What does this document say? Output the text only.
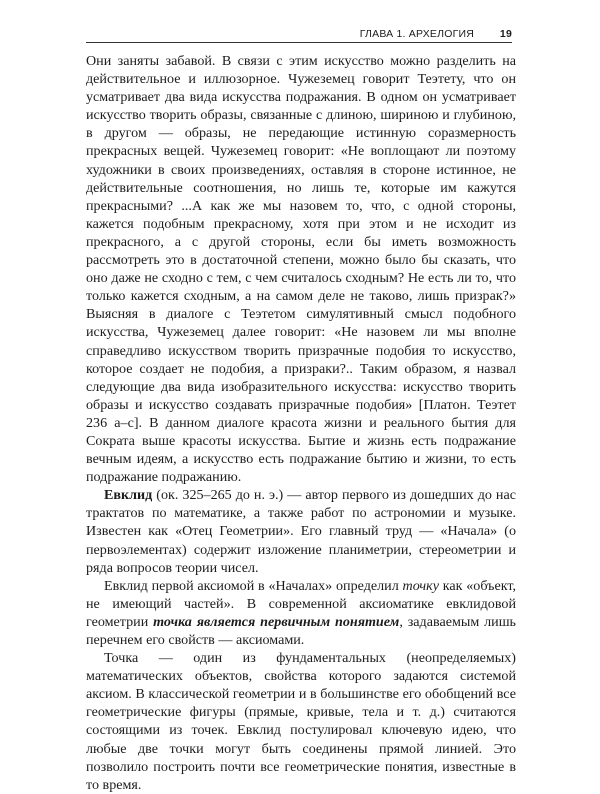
ГЛАВА 1. АРХЕЛОГИЯ 19

Они заняты забавой. В связи с этим искусство можно разделить на действительное и иллюзорное. Чужеземец говорит Теэтету, что он усматривает два вида искусства подражания. В одном он усматривает искусство творить образы, связанные с длиною, шириною и глубиною, в другом — образы, не передающие истинную соразмерность прекрасных вещей. Чужеземец говорит: «Не воплощают ли поэтому художники в своих произведениях, оставляя в стороне истинное, не действительные соотношения, но лишь те, которые им кажутся прекрасными? ...А как же мы назовем то, что, с одной стороны, кажется подобным прекрасному, хотя при этом и не исходит из прекрасного, а с другой стороны, если бы иметь возможность рассмотреть это в достаточной степени, можно было бы сказать, что оно даже не сходно с тем, с чем считалось сходным? Не есть ли то, что только кажется сходным, а на самом деле не таково, лишь призрак?» Выясняя в диалоге с Теэтетом симулятивный смысл подобного искусства, Чужеземец далее говорит: «Не назовем ли мы вполне справедливо искусством творить призрачные подобия то искусство, которое создает не подобия, а призраки?.. Таким образом, я назвал следующие два вида изобразительного искусства: искусство творить образы и искусство создавать призрачные подобия» [Платон. Теэтет 236 а–с]. В данном диалоге красота жизни и реального бытия для Сократа выше красоты искусства. Бытие и жизнь есть подражание вечным идеям, а искусство есть подражание бытию и жизни, то есть подражание подражанию.

Евклид (ок. 325–265 до н. э.) — автор первого из дошедших до нас трактатов по математике, а также работ по астрономии и музыке. Известен как «Отец Геометрии». Его главный труд — «Начала» (о первоэлементах) содержит изложение планиметрии, стереометрии и ряда вопросов теории чисел.

Евклид первой аксиомой в «Началах» определил точку как «объект, не имеющий частей». В современной аксиоматике евклидовой геометрии точка является первичным понятием, задаваемым лишь перечнем его свойств — аксиомами.

Точка — один из фундаментальных (неопределяемых) математических объектов, свойства которого задаются системой аксиом. В классической геометрии и в большинстве его обобщений все геометрические фигуры (прямые, кривые, тела и т. д.) считаются состоящими из точек. Евклид постулировал ключевую идею, что любые две точки могут быть соединены прямой линией. Это позволило построить почти все геометрические понятия, известные в то время.
